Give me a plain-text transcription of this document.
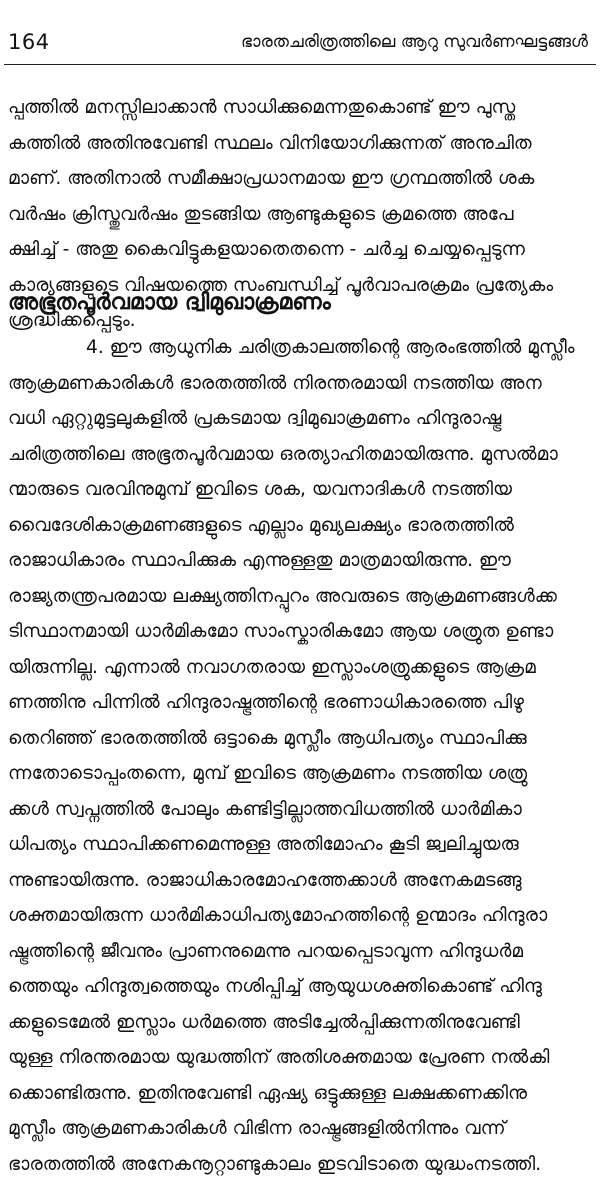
164	ഭാരതചരിത്രത്തിലെ ആറു സുവർണഘട്ടങ്ങൾ
പ്പത്തിൽ മനസ്സിലാക്കാൻ സാധിക്കുമെന്നതുകൊണ്ട് ഈ പുസ്ത
കത്തിൽ അതിനുവേണ്ടി സ്ഥലം വിനിയോഗിക്കുന്നത് അനുചിത
മാണ്. അതിനാൽ സമീക്ഷാപ്രധാനമായ ഈ ഗ്രന്ഥത്തിൽ ശക
വർഷം ക്രിസ്തുവർഷം തുടങ്ങിയ ആണ്ടുകളുടെ ക്രമത്തെ അപേ
ക്ഷിച്ച് - അതു കൈവിട്ടുകളയാതെതന്നെ - ചർച്ച ചെയ്യപ്പെടുന്ന
കാര്യങ്ങളുടെ വിഷയത്തെ സംബന്ധിച്ച് പൂർവാപരക്രമം പ്രത്യേകം
ശ്രദ്ധിക്കപ്പെടും.
അഭൂതപൂർവമായ ദ്വിമുഖാക്രമണം
4. ഈ ആധുനിക ചരിത്രകാലത്തിന്റെ ആരംഭത്തിൽ മുസ്ലീം
ആക്രമണകാരികൾ ഭാരതത്തിൽ നിരന്തരമായി നടത്തിയ അന
വധി ഏറ്റുമുട്ടലുകളിൽ പ്രകടമായ ദ്വിമുഖാക്രമണം ഹിന്ദുരാഷ്ട്ര
ചരിത്രത്തിലെ അഭൂതപൂർവമായ ഒരത്യാഹിതമായിരുന്നു. മുസൽമാ
ന്മാരുടെ വരവിനുമുമ്പ് ഇവിടെ ശക, യവനാദികൾ നടത്തിയ
വൈദേശികാക്രമണങ്ങളുടെ എല്ലാം മുഖ്യലക്ഷ്യം ഭാരതത്തിൽ
രാജാധികാരം സ്ഥാപിക്കുക എന്നുള്ളതു മാത്രമായിരുന്നു. ഈ
രാജ്യതന്ത്രപരമായ ലക്ഷ്യത്തിനപ്പുറം അവരുടെ ആക്രമണങ്ങൾക്ക
ടിസ്ഥാനമായി ധാർമികമോ സാംസ്കാരികമോ ആയ ശത്രുത ഉണ്ടാ
യിരുന്നില്ല. എന്നാൽ നവാഗതരായ ഇസ്ലാംശത്രുക്കളുടെ ആക്രമ
ണത്തിനു പിന്നിൽ ഹിന്ദുരാഷ്ട്രത്തിന്റെ ഭരണാധികാരത്തെ പിഴു
തെറിഞ്ഞ് ഭാരതത്തിൽ ഒട്ടാകെ മുസ്ലീം ആധിപത്യം സ്ഥാപിക്കു
ന്നതോടൊപ്പംതന്നെ, മുമ്പ് ഇവിടെ ആക്രമണം നടത്തിയ ശത്രു
ക്കൾ സ്വപ്നത്തിൽ പോലും കണ്ടിട്ടില്ലാത്തവിധത്തിൽ ധാർമികാ
ധിപത്യം സ്ഥാപിക്കണമെന്നുള്ള അതിമോഹം കൂടി ജ്വലിച്ചുയരു
ന്നുണ്ടായിരുന്നു. രാജാധികാരമോഹത്തേക്കാൾ അനേകമടങ്ങു
ശക്തമായിരുന്ന ധാർമികാധിപത്യമോഹത്തിന്റെ ഉന്മാദം ഹിന്ദുരാ
ഷ്ട്രത്തിന്റെ ജീവനും പ്രാണനുമെന്നു പറയപ്പെടാവുന്ന ഹിന്ദുധർമ
ത്തെയും ഹിന്ദുത്വത്തെയും നശിപ്പിച്ച് ആയുധശക്തികൊണ്ട് ഹിന്ദു
ക്കളുടെമേൽ ഇസ്ലാം ധർമത്തെ അടിച്ചേൽപ്പിക്കുന്നതിനുവേണ്ടി
യുള്ള നിരന്തരമായ യുദ്ധത്തിന് അതിശക്തമായ പ്രേരണ നൽകി
ക്കൊണ്ടിരുന്നു. ഇതിനുവേണ്ടി ഏഷ്യ ഒട്ടുക്കുള്ള ലക്ഷക്കണക്കിനു
മുസ്ലീം ആക്രമണകാരികൾ വിഭിന്ന രാഷ്ട്രങ്ങളിൽനിന്നും വന്ന്
ഭാരതത്തിൽ അനേകനൂറ്റാണ്ടുകാലം ഇടവിടാതെ യുദ്ധംനടത്തി.
